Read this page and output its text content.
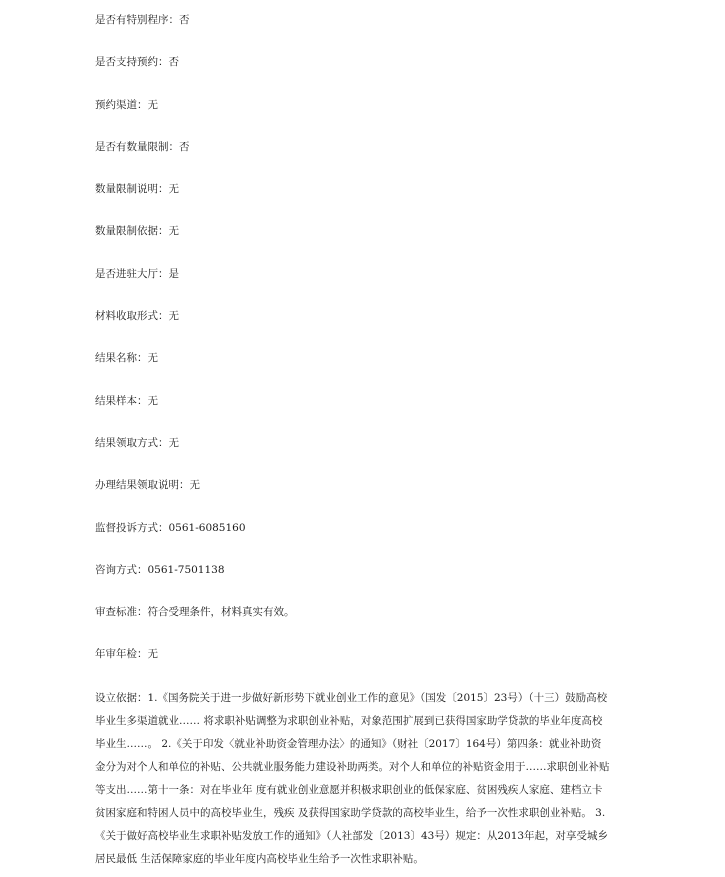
是否有特别程序：否
是否支持预约：否
预约渠道：无
是否有数量限制：否
数量限制说明：无
数量限制依据：无
是否进驻大厅：是
材料收取形式：无
结果名称：无
结果样本：无
结果领取方式：无
办理结果领取说明：无
监督投诉方式：0561-6085160
咨询方式：0561-7501138
审查标准：符合受理条件，材料真实有效。
年审年检：无
设立依据：1.《国务院关于进一步做好新形势下就业创业工作的意见》（国发〔2015〕23号）（十三）鼓励高校毕业生多渠道就业…… 将求职补贴调整为求职创业补贴，对象范围扩展到已获得国家助学贷款的毕业年度高校毕业生……。 2.《关于印发〈就业补助资金管理办法〉的通知》（财社〔2017〕164号）第四条：就业补助资金分为对个人和单位的补贴、公共就业服务能力建设补助两类。对个人和单位的补贴资金用于……求职创业补贴等支出……第十一条：对在毕业年 度有就业创业意愿并积极求职创业的低保家庭、贫困残疾人家庭、建档立卡贫困家庭和特困人员中的高校毕业生，残疾 及获得国家助学贷款的高校毕业生，给予一次性求职创业补贴。 3.《关于做好高校毕业生求职补贴发放工作的通知》（人社部发〔2013〕43号）规定：从2013年起，对享受城乡居民最低 生活保障家庭的毕业年度内高校毕业生给予一次性求职补贴。
